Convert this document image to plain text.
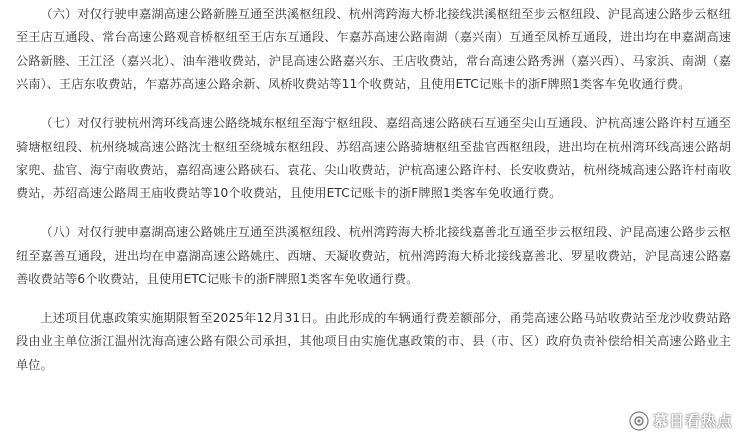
（六）对仅行驶申嘉湖高速公路新塍互通至洪溪枢纽段、杭州湾跨海大桥北接线洪溪枢纽至步云枢纽段、沪昆高速公路步云枢纽至王店互通段、常台高速公路观音桥枢纽至王店东互通段、乍嘉苏高速公路南湖（嘉兴南）互通至凤桥互通段，进出均在申嘉湖高速公路新塍、王江泾（嘉兴北）、油车港收费站，沪昆高速公路嘉兴东、王店收费站，常台高速公路秀洲（嘉兴西）、马家浜、南湖（嘉兴南）、王店东收费站，乍嘉苏高速公路余新、凤桥收费站等11个收费站，且使用ETC记账卡的浙F牌照1类客车免收通行费。

（七）对仅行驶杭州湾环线高速公路绕城东枢纽至海宁枢纽段、嘉绍高速公路硖石互通至尖山互通段、沪杭高速公路许村互通至骑塘枢纽段、杭州绕城高速公路沈士枢纽至绕城东枢纽段、苏绍高速公路骑塘枢纽至盐官西枢纽段，进出均在杭州湾环线高速公路胡家兜、盐官、海宁南收费站，嘉绍高速公路硖石、袁花、尖山收费站，沪杭高速公路许村、长安收费站，杭州绕城高速公路许村南收费站，苏绍高速公路周王庙收费站等10个收费站，且使用ETC记账卡的浙F牌照1类客车免收通行费。

（八）对仅行驶申嘉湖高速公路姚庄互通至洪溪枢纽段、杭州湾跨海大桥北接线嘉善北互通至步云枢纽段、沪昆高速公路步云枢纽至嘉善互通段，进出均在申嘉湖高速公路姚庄、西塘、天凝收费站，杭州湾跨海大桥北接线嘉善北、罗星收费站，沪昆高速公路嘉善收费站等6个收费站，且使用ETC记账卡的浙F牌照1类客车免收通行费。

上述项目优惠政策实施期限暂至2025年12月31日。由此形成的车辆通行费差额部分，甬莞高速公路马站收费站至龙沙收费站路段由业主单位浙江温州沈海高速公路有限公司承担，其他项目由实施优惠政策的市、县（市、区）政府负责补偿给相关高速公路业主单位。

慕目看热点
